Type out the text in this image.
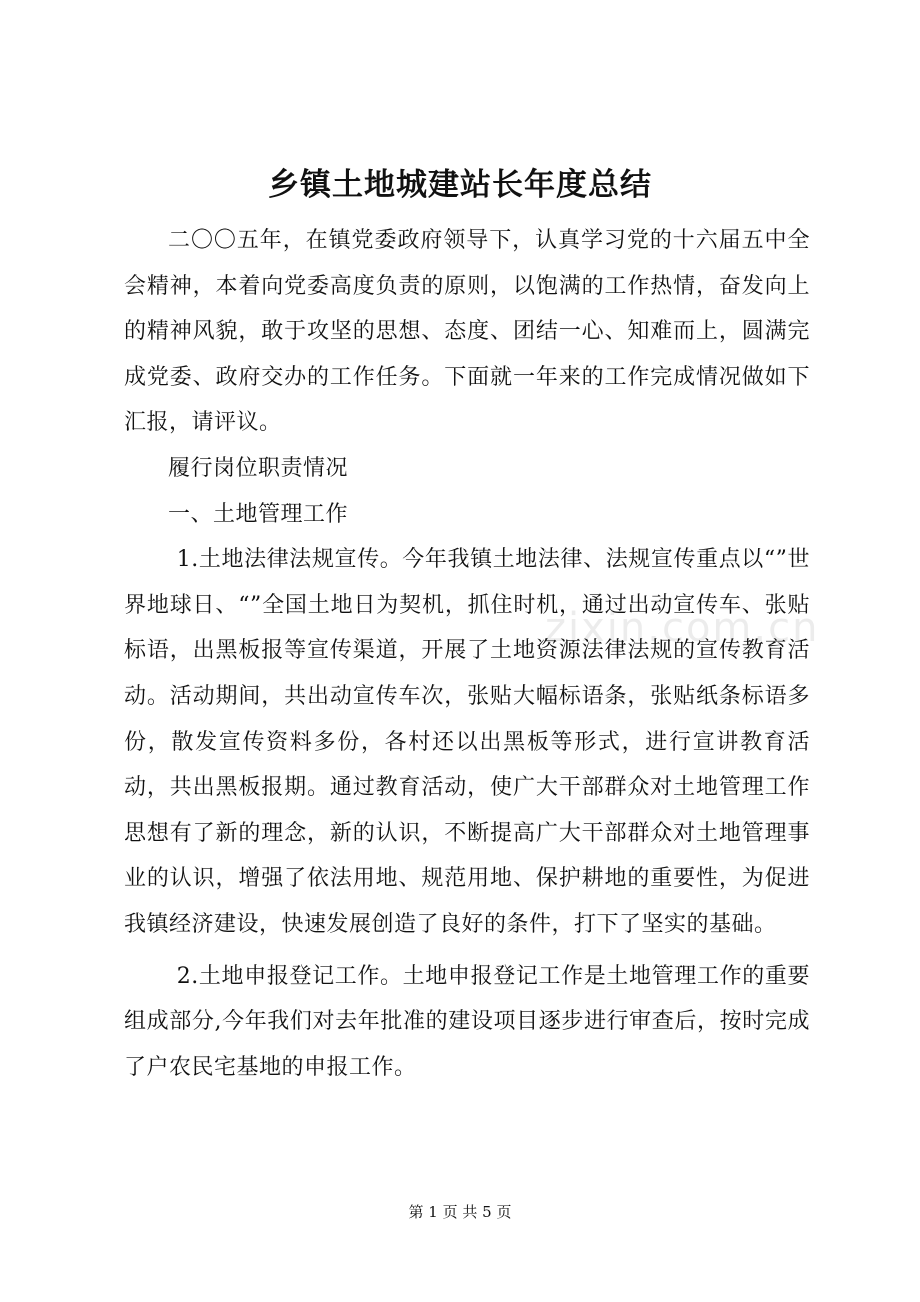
乡镇土地城建站长年度总结

二〇〇五年，在镇党委政府领导下，认真学习党的十六届五中全会精神，本着向党委高度负责的原则，以饱满的工作热情，奋发向上的精神风貌，敢于攻坚的思想、态度、团结一心、知难而上，圆满完成党委、政府交办的工作任务。下面就一年来的工作完成情况做如下汇报，请评议。

履行岗位职责情况

一、土地管理工作

1.土地法律法规宣传。今年我镇土地法律、法规宣传重点以“”世界地球日、“”全国土地日为契机，抓住时机，通过出动宣传车、张贴标语，出黑板报等宣传渠道，开展了土地资源法律法规的宣传教育活动。活动期间，共出动宣传车次，张贴大幅标语条，张贴纸条标语多份，散发宣传资料多份，各村还以出黑板等形式，进行宣讲教育活动，共出黑板报期。通过教育活动，使广大干部群众对土地管理工作思想有了新的理念，新的认识，不断提高广大干部群众对土地管理事业的认识，增强了依法用地、规范用地、保护耕地的重要性，为促进我镇经济建设，快速发展创造了良好的条件，打下了坚实的基础。

2.土地申报登记工作。土地申报登记工作是土地管理工作的重要组成部分,今年我们对去年批准的建设项目逐步进行审查后，按时完成了户农民宅基地的申报工作。

zixin.com.cn
第 1 页 共 5 页
